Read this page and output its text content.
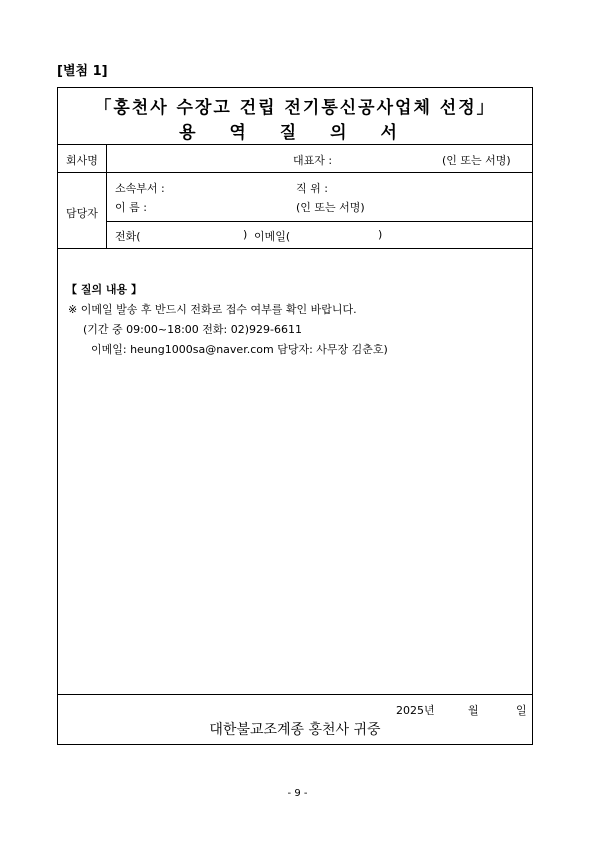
[별첨 1]
「홍천사 수장고 건립 전기통신공사업체 선정」
용 역 질 의 서
회사명	대표자 :	(인 또는 서명)
담당자
소속부서 :	직 위 :
이 름 :	(인 또는 서명)
전화(	) 이메일(	)
【 질의 내용 】
※ 이메일 발송 후 반드시 전화로 접수 여부를 확인 바랍니다.
(기간 중 09:00~18:00 전화: 02)929-6611
이메일: heung1000sa@naver.com 담당자: 사무장 김춘호)
2025년	월	일
대한불교조계종 홍천사 귀중
- 9 -
